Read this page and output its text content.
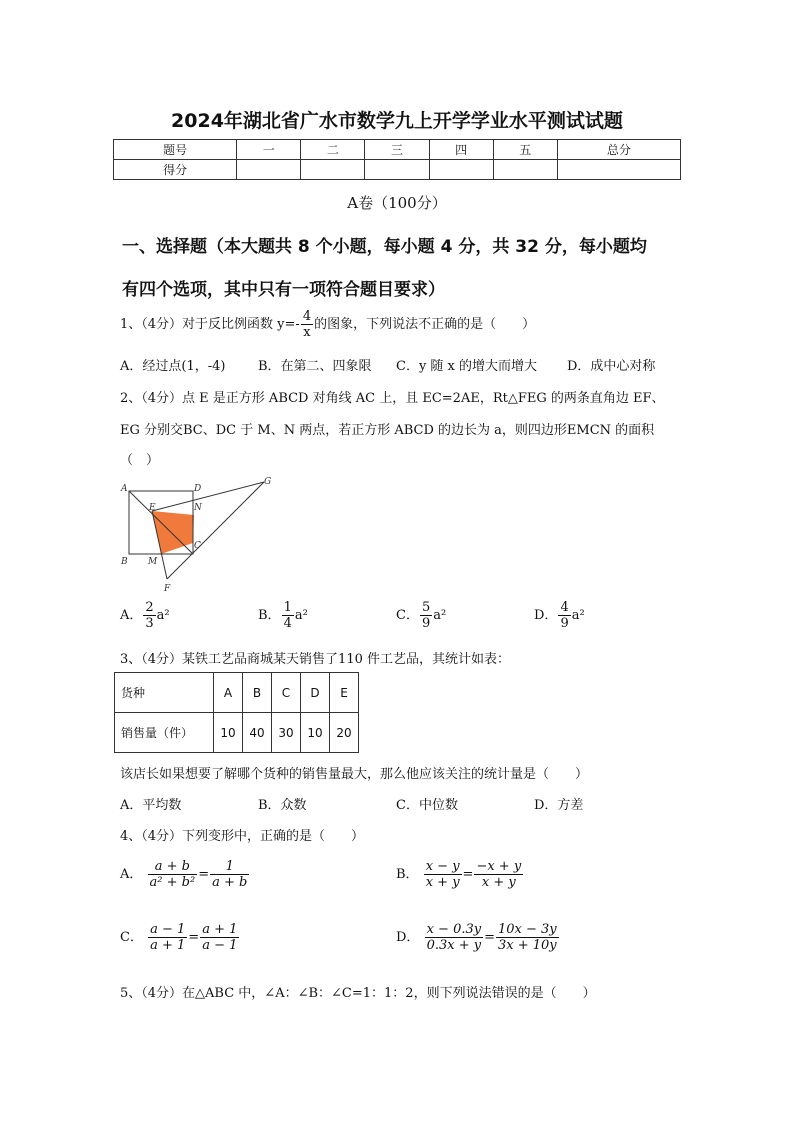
2024年湖北省广水市数学九上开学学业水平测试试题
题号	一	二	三	四	五	总分
得分						
A卷（100分）
一、选择题（本大题共 8 个小题，每小题 4 分，共 32 分，每小题均
有四个选项，其中只有一项符合题目要求）
1、（4分）对于反比例函数 $y=- \frac{4}{x}$ 的图象，下列说法不正确的是（　　）
A．经过点(1，-4)	B．在第二、四象限 C．y 随 x 的增大而增大 D．成中心对称
2、（4分）点 E 是正方形 ABCD 对角线 AC 上，且 EC=2AE，Rt△FEG 的两条直角边 EF、
EG 分别交BC、DC 于 M、N 两点，若正方形 ABCD 的边长为 a，则四边形EMCN 的面积
（　）
A	D
G
E	N
C
B M
F
A． $\frac{2}{3} a^2$	B． $\frac{1}{4} a^2$	C． $\frac{5}{9} a^2$	D． $\frac{4}{9} a^2$
3、（4分）某铁工艺品商城某天销售了110 件工艺品，其统计如表：
货种	A	B	C	D	E
销售量（件）	10	40	30	10	20
该店长如果想要了解哪个货种的销售量最大，那么他应该关注的统计量是（　　）
A．平均数	B．众数	C．中位数	D．方差
4、（4分）下列变形中，正确的是（　　）
A． $\frac{a + b}{\text{a² + b²}} = \frac{1}{a + b}$	B． $\frac{x - y}{x + y} = \frac{-x + y}{x + y}$
C． $\frac{a - 1}{a + 1} = \frac{a + 1}{a - 1}$	D． $\frac{x - 0.3y}{0.3x + y} = \frac{10x - 3y}{3x + 10y}$
5、（4分）在△ABC 中，∠A：∠B：∠C=1：1：2，则下列说法错误的是（　　）
